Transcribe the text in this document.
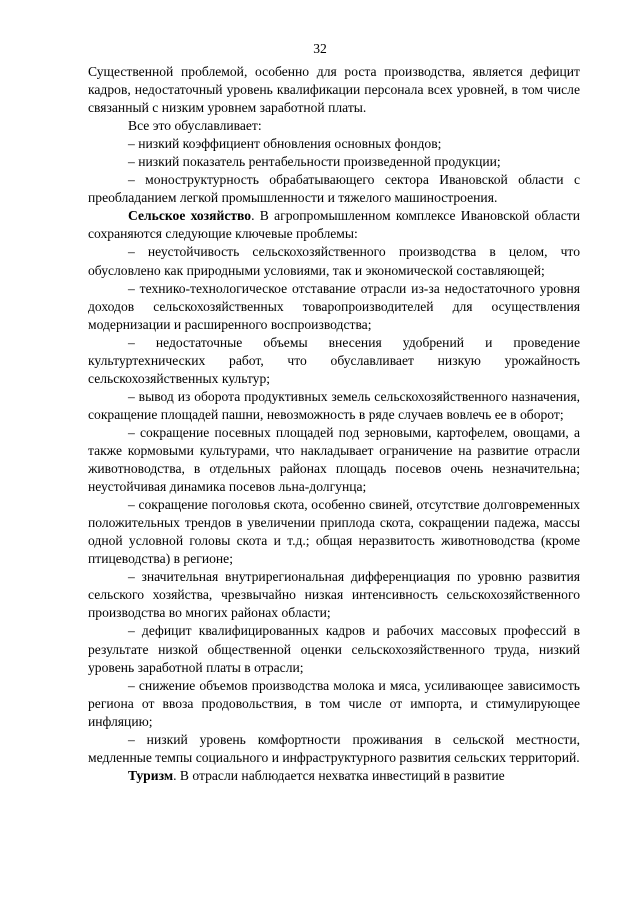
32

Существенной проблемой, особенно для роста производства, является дефицит кадров, недостаточный уровень квалификации персонала всех уровней, в том числе связанный с низким уровнем заработной платы.

Все это обуславливает:

– низкий коэффициент обновления основных фондов;

– низкий показатель рентабельности произведенной продукции;

– моноструктурность обрабатывающего сектора Ивановской области с преобладанием легкой промышленности и тяжелого машиностроения.

Сельское хозяйство. В агропромышленном комплексе Ивановской области сохраняются следующие ключевые проблемы:

– неустойчивость сельскохозяйственного производства в целом, что обусловлено как природными условиями, так и экономической составляющей;

– технико-технологическое отставание отрасли из-за недостаточного уровня доходов сельскохозяйственных товаропроизводителей для осуществления модернизации и расширенного воспроизводства;

– недостаточные объемы внесения удобрений и проведение культуртехнических работ, что обуславливает низкую урожайность сельскохозяйственных культур;

– вывод из оборота продуктивных земель сельскохозяйственного назначения, сокращение площадей пашни, невозможность в ряде случаев вовлечь ее в оборот;

– сокращение посевных площадей под зерновыми, картофелем, овощами, а также кормовыми культурами, что накладывает ограничение на развитие отрасли животноводства, в отдельных районах площадь посевов очень незначительна; неустойчивая динамика посевов льна-долгунца;

– сокращение поголовья скота, особенно свиней, отсутствие долговременных положительных трендов в увеличении приплода скота, сокращении падежа, массы одной условной головы скота и т.д.; общая неразвитость животноводства (кроме птицеводства) в регионе;

– значительная внутрирегиональная дифференциация по уровню развития сельского хозяйства, чрезвычайно низкая интенсивность сельскохозяйственного производства во многих районах области;

– дефицит квалифицированных кадров и рабочих массовых профессий в результате низкой общественной оценки сельскохозяйственного труда, низкий уровень заработной платы в отрасли;

– снижение объемов производства молока и мяса, усиливающее зависимость региона от ввоза продовольствия, в том числе от импорта, и стимулирующее инфляцию;

– низкий уровень комфортности проживания в сельской местности, медленные темпы социального и инфраструктурного развития сельских территорий.

Туризм. В отрасли наблюдается нехватка инвестиций в развитие
